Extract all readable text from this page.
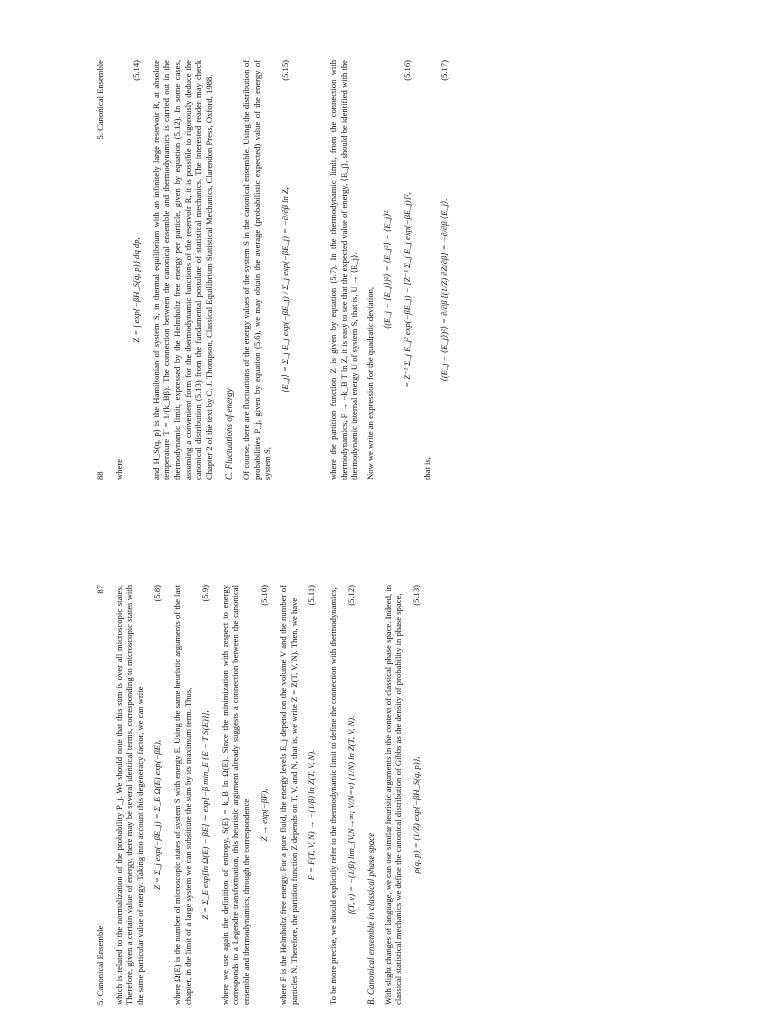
5. Canonical Ensemble
87 which is related to the normalization of the probability P_j. We should note that this sum is over all microscopic states. Therefore, given a certain value of energy, there may be several identical terms, corresponding to microscopic states with the same particular value of energy. Taking into account this degeneracy factor, we can write Z = Σ_j exp(−βE_j) = Σ_E Ω(E) exp(−βE),
(5.8) where Ω(E) is the number of microscopic states of system S with energy E. Using the same heuristic arguments of the last chapter, in the limit of a large system we can substitute the sum by its maximum term. Thus, Z = Σ_E exp[ln Ω(E) − βE] ∼ exp[−β min_E {E − T S(E)}],
(5.9) where we use again the definition of entropy, S(E) = k_B ln Ω(E). Since the minimization with respect to energy corresponds to a Legendre transformation, this heuristic argument already suggests a connection between the canonical ensemble and thermodynamics, through the correspondence Z → exp(−βF),
(5.10) where F is the Helmholtz free energy. For a pure fluid, the energy levels E_j depend on the volume V and the number of particles N. Therefore, the partition function Z depends on T, V, and N, that is, we write Z = Z(T, V, N). Then, we have F = F(T, V, N) → −(1/β) ln Z(T, V, N).
(5.11) To be more precise, we should explicitly refer to the thermodynamic limit to define the connection with thermodynamics, f(T, v) = −(1/β) lim_{V,N→∞; V/N=v} (1/N) ln Z(T, V, N).
(5.12)
B. Canonical ensemble in classical phase space With slight changes of language, we can use similar heuristic arguments in the context of classical phase space. Indeed, in classical statistical mechanics we define the canonical distribution of Gibbs as the density of probability in phase space, ρ(q, p) = (1/Z) exp{−βH_S(q, p)},
(5.13)
88
5. Canonical Ensemble

where

Z = ∫ exp{−βH_S(q, p)} dq dp,
(5.14) and H_S(q, p) is the Hamiltonian of system S, in thermal equilibrium with an infinitely large reservoir R, at absolute temperature T = 1/(k_Bβ). The connection between the canonical ensemble and thermodynamics is carried out in the thermodynamic limit, expressed by the Helmholtz free energy per particle, given by equation (5.12). In some cases, assuming a convenient form for the thermodynamic functions of the reservoir R, it is possible to rigorously deduce the canonical distribution (5.13) from the fundamental postulate of statistical mechanics. The interested reader may check Chapter 2 of the text by C. J. Thompson, Classical Equilibrium Statistical Mechanics, Clarendon Press, Oxford, 1988. C. Fluctuations of energy Of course, there are fluctuations of the energy values of the system S in the canonical ensemble. Using the distribution of probabilities P_j, given by equation (5.6), we may obtain the average (probabilistic expected) value of the energy of system S,

⟨E_j⟩ = Σ_j E_j exp(−βE_j) / Σ_j exp(−βE_j) = −∂/∂β ln Z,
(5.15)	where the partition function Z is given by equation (5.7). In the thermodynamic limit, from the connection with thermodynamics, F → −k_B T ln Z, it is easy to see that the expected value of energy, ⟨E_j⟩, should be identified with the thermodynamic internal energy U of system S, that is, U → ⟨E_j⟩. Now we write an expression for the quadratic deviation,

⟨(E_j − ⟨E_j⟩)²⟩ = ⟨E_j²⟩ − ⟨E_j⟩² = Z⁻¹ Σ_j E_j² exp(−βE_j) − [Z⁻¹ Σ_j E_j exp(−βE_j)]²,
(5.16)

that is,

⟨(E_j − ⟨E_j⟩)²⟩ = ∂/∂β [(1/Z) ∂Z/∂β] = −∂/∂β ⟨E_j⟩.
(5.17)
